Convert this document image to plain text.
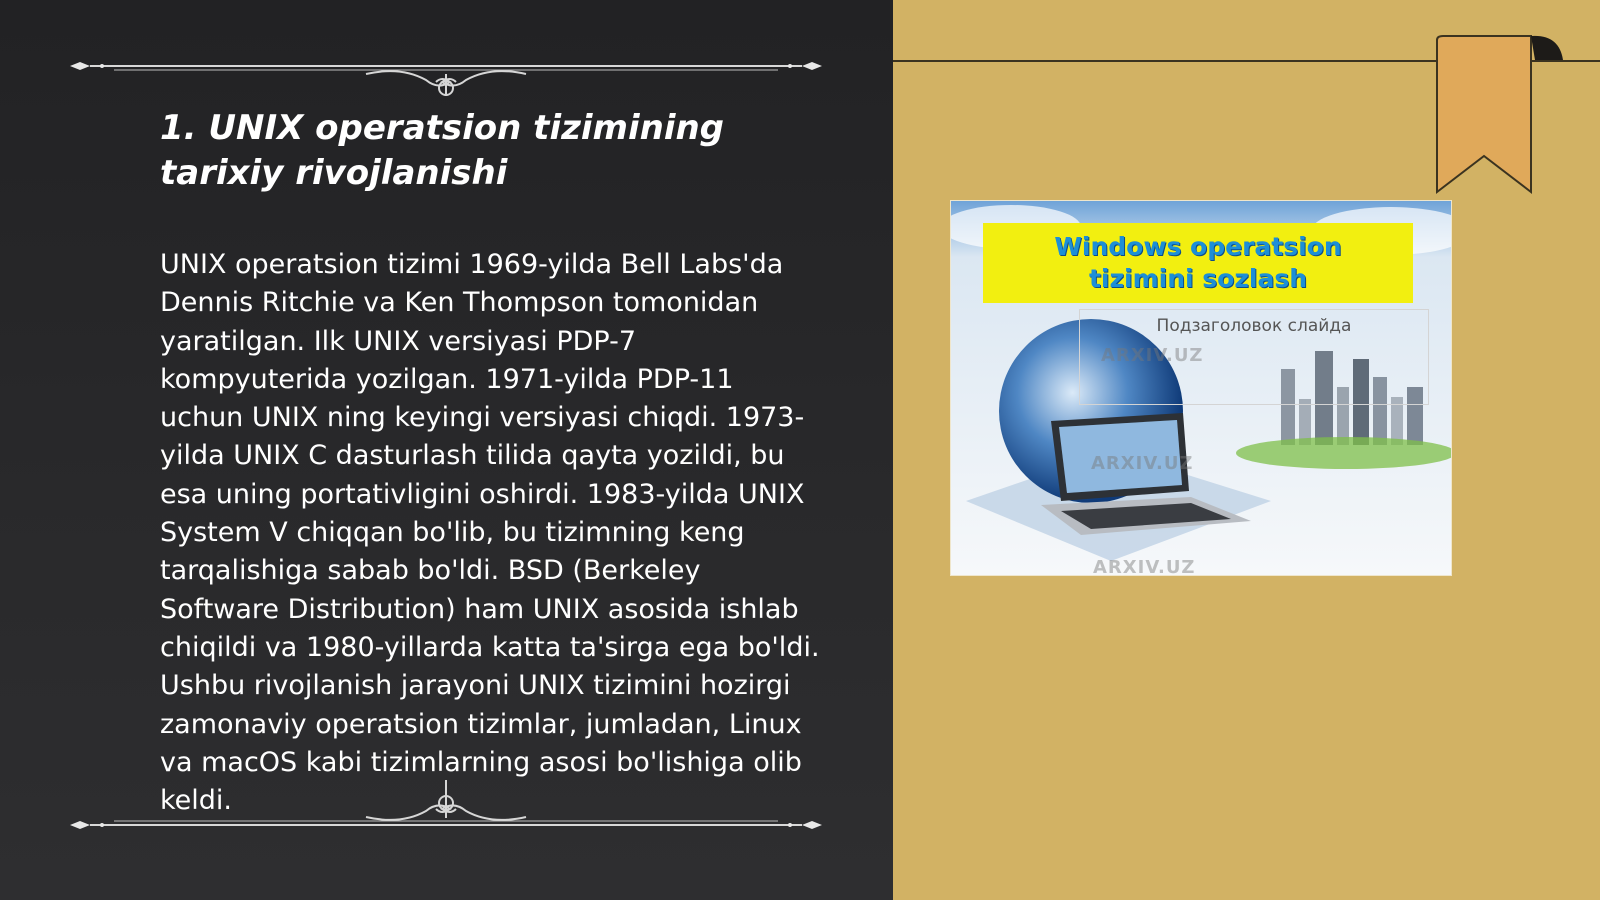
1. UNIX operatsion tizimining tarixiy rivojlanishi

UNIX operatsion tizimi 1969-yilda Bell Labs'da Dennis Ritchie va Ken Thompson tomonidan yaratilgan. Ilk UNIX versiyasi PDP-7 kompyuterida yozilgan. 1971-yilda PDP-11 uchun UNIX ning keyingi versiyasi chiqdi. 1973-yilda UNIX C dasturlash tilida qayta yozildi, bu esa uning portativligini oshirdi. 1983-yilda UNIX System V chiqqan bo'lib, bu tizimning keng tarqalishiga sabab bo'ldi. BSD (Berkeley Software Distribution) ham UNIX asosida ishlab chiqildi va 1980-yillarda katta ta'sirga ega bo'ldi. Ushbu rivojlanish jarayoni UNIX tizimini hozirgi zamonaviy operatsion tizimlar, jumladan, Linux va macOS kabi tizimlarning asosi bo'lishiga olib keldi.

Windows operatsion
tizimini sozlash
Подзаголовок слайда
ARXIV.UZ
ARXIV.UZ
ARXIV.UZ
